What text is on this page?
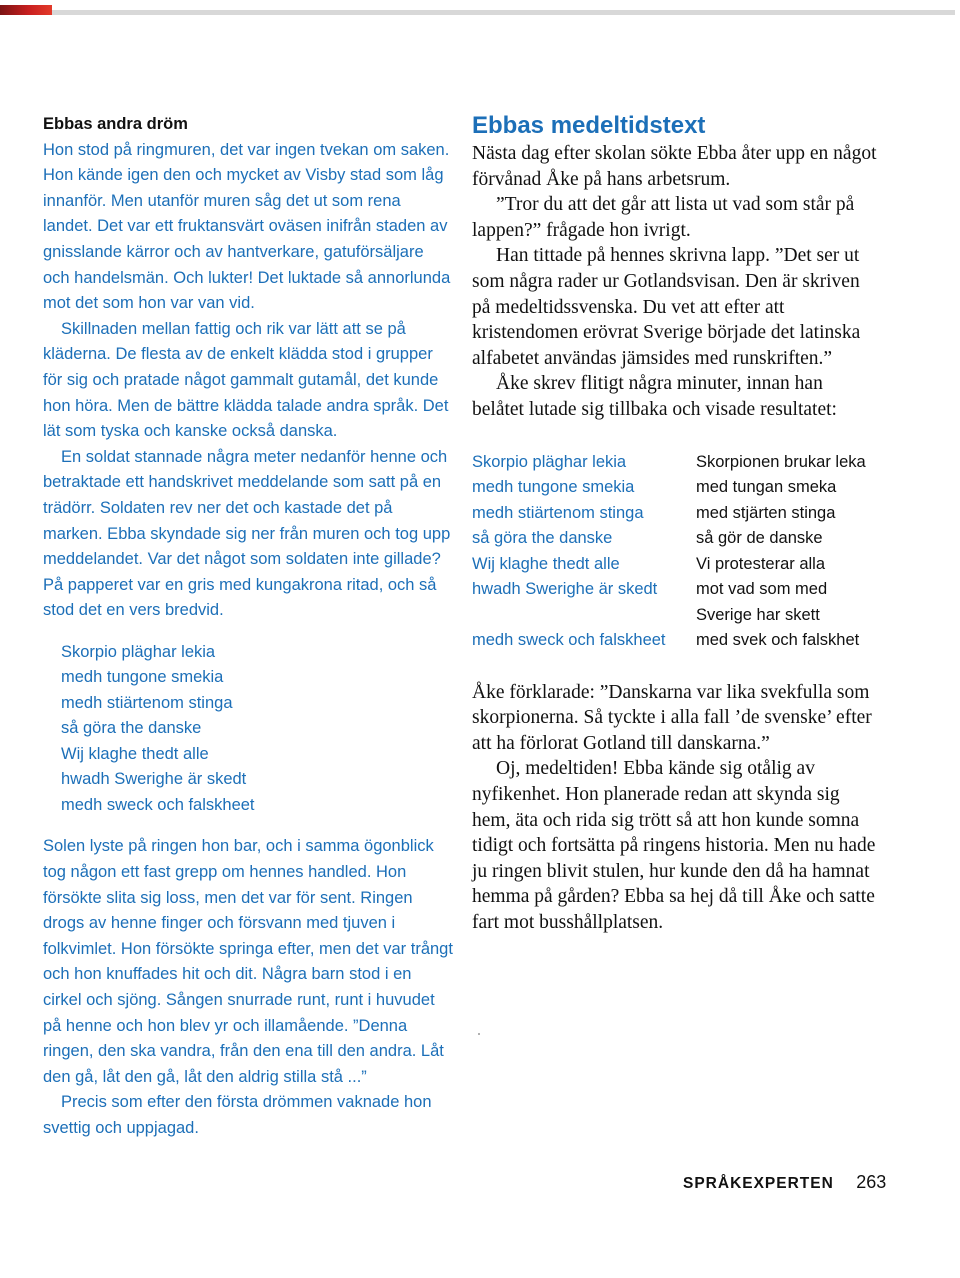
Ebbas andra dröm

Hon stod på ringmuren, det var ingen tvekan om saken. Hon kände igen den och mycket av Visby stad som låg innanför. Men utanför muren såg det ut som rena landet. Det var ett fruktansvärt oväsen inifrån staden av gnisslande kärror och av hantverkare, gatuförsäljare och handelsmän. Och lukter! Det luktade så annorlunda mot det som hon var van vid.

Skillnaden mellan fattig och rik var lätt att se på kläderna. De flesta av de enkelt klädda stod i grupper för sig och pratade något gammalt gutamål, det kunde hon höra. Men de bättre klädda talade andra språk. Det lät som tyska och kanske också danska.

En soldat stannade några meter nedanför henne och betraktade ett handskrivet meddelande som satt på en trädörr. Soldaten rev ner det och kastade det på marken. Ebba skyndade sig ner från muren och tog upp meddelandet. Var det något som soldaten inte gillade? På papperet var en gris med kungakrona ritad, och så stod det en vers bredvid.

Skorpio pläghar lekia
medh tungone smekia
medh stiärtenom stinga
så göra the danske
Wij klaghe thedt alle
hwadh Swerighe är skedt
medh sweck och falskheet

Solen lyste på ringen hon bar, och i samma ögonblick tog någon ett fast grepp om hennes handled. Hon försökte slita sig loss, men det var för sent. Ringen drogs av henne finger och försvann med tjuven i folkvimlet. Hon försökte springa efter, men det var trångt och hon knuffades hit och dit. Några barn stod i en cirkel och sjöng. Sången snurrade runt, runt i huvudet på henne och hon blev yr och illamående. ”Denna ringen, den ska vandra, från den ena till den andra. Låt den gå, låt den gå, låt den aldrig stilla stå ...”

Precis som efter den första drömmen vaknade hon svettig och uppjagad.

Ebbas medeltidstext

Nästa dag efter skolan sökte Ebba åter upp en något förvånad Åke på hans arbetsrum.

”Tror du att det går att lista ut vad som står på lappen?” frågade hon ivrigt.

Han tittade på hennes skrivna lapp. ”Det ser ut som några rader ur Gotlandsvisan. Den är skriven på medeltidssvenska. Du vet att efter att kristendomen erövrat Sverige började det latinska alfabetet användas jämsides med runskriften.”

Åke skrev flitigt några minuter, innan han belåtet lutade sig tillbaka och visade resultatet:

Skorpio pläghar lekia	Skorpionen brukar leka
medh tungone smekia	med tungan smeka
medh stiärtenom stinga	med stjärten stinga
så göra the danske	så gör de danske
Wij klaghe thedt alle	Vi protesterar alla
hwadh Swerighe är skedt	mot vad som med
Sverige har skett
medh sweck och falskheet	med svek och falskhet

Åke förklarade: ”Danskarna var lika svekfulla som skorpionerna. Så tyckte i alla fall ’de svenske’ efter att ha förlorat Gotland till danskarna.”

Oj, medeltiden! Ebba kände sig otålig av nyfikenhet. Hon planerade redan att skynda sig hem, äta och rida sig trött så att hon kunde somna tidigt och fortsätta på ringens historia. Men nu hade ju ringen blivit stulen, hur kunde den då ha hamnat hemma på gården? Ebba sa hej då till Åke och satte fart mot busshållplatsen.

SPRÅKEXPERTEN 263
